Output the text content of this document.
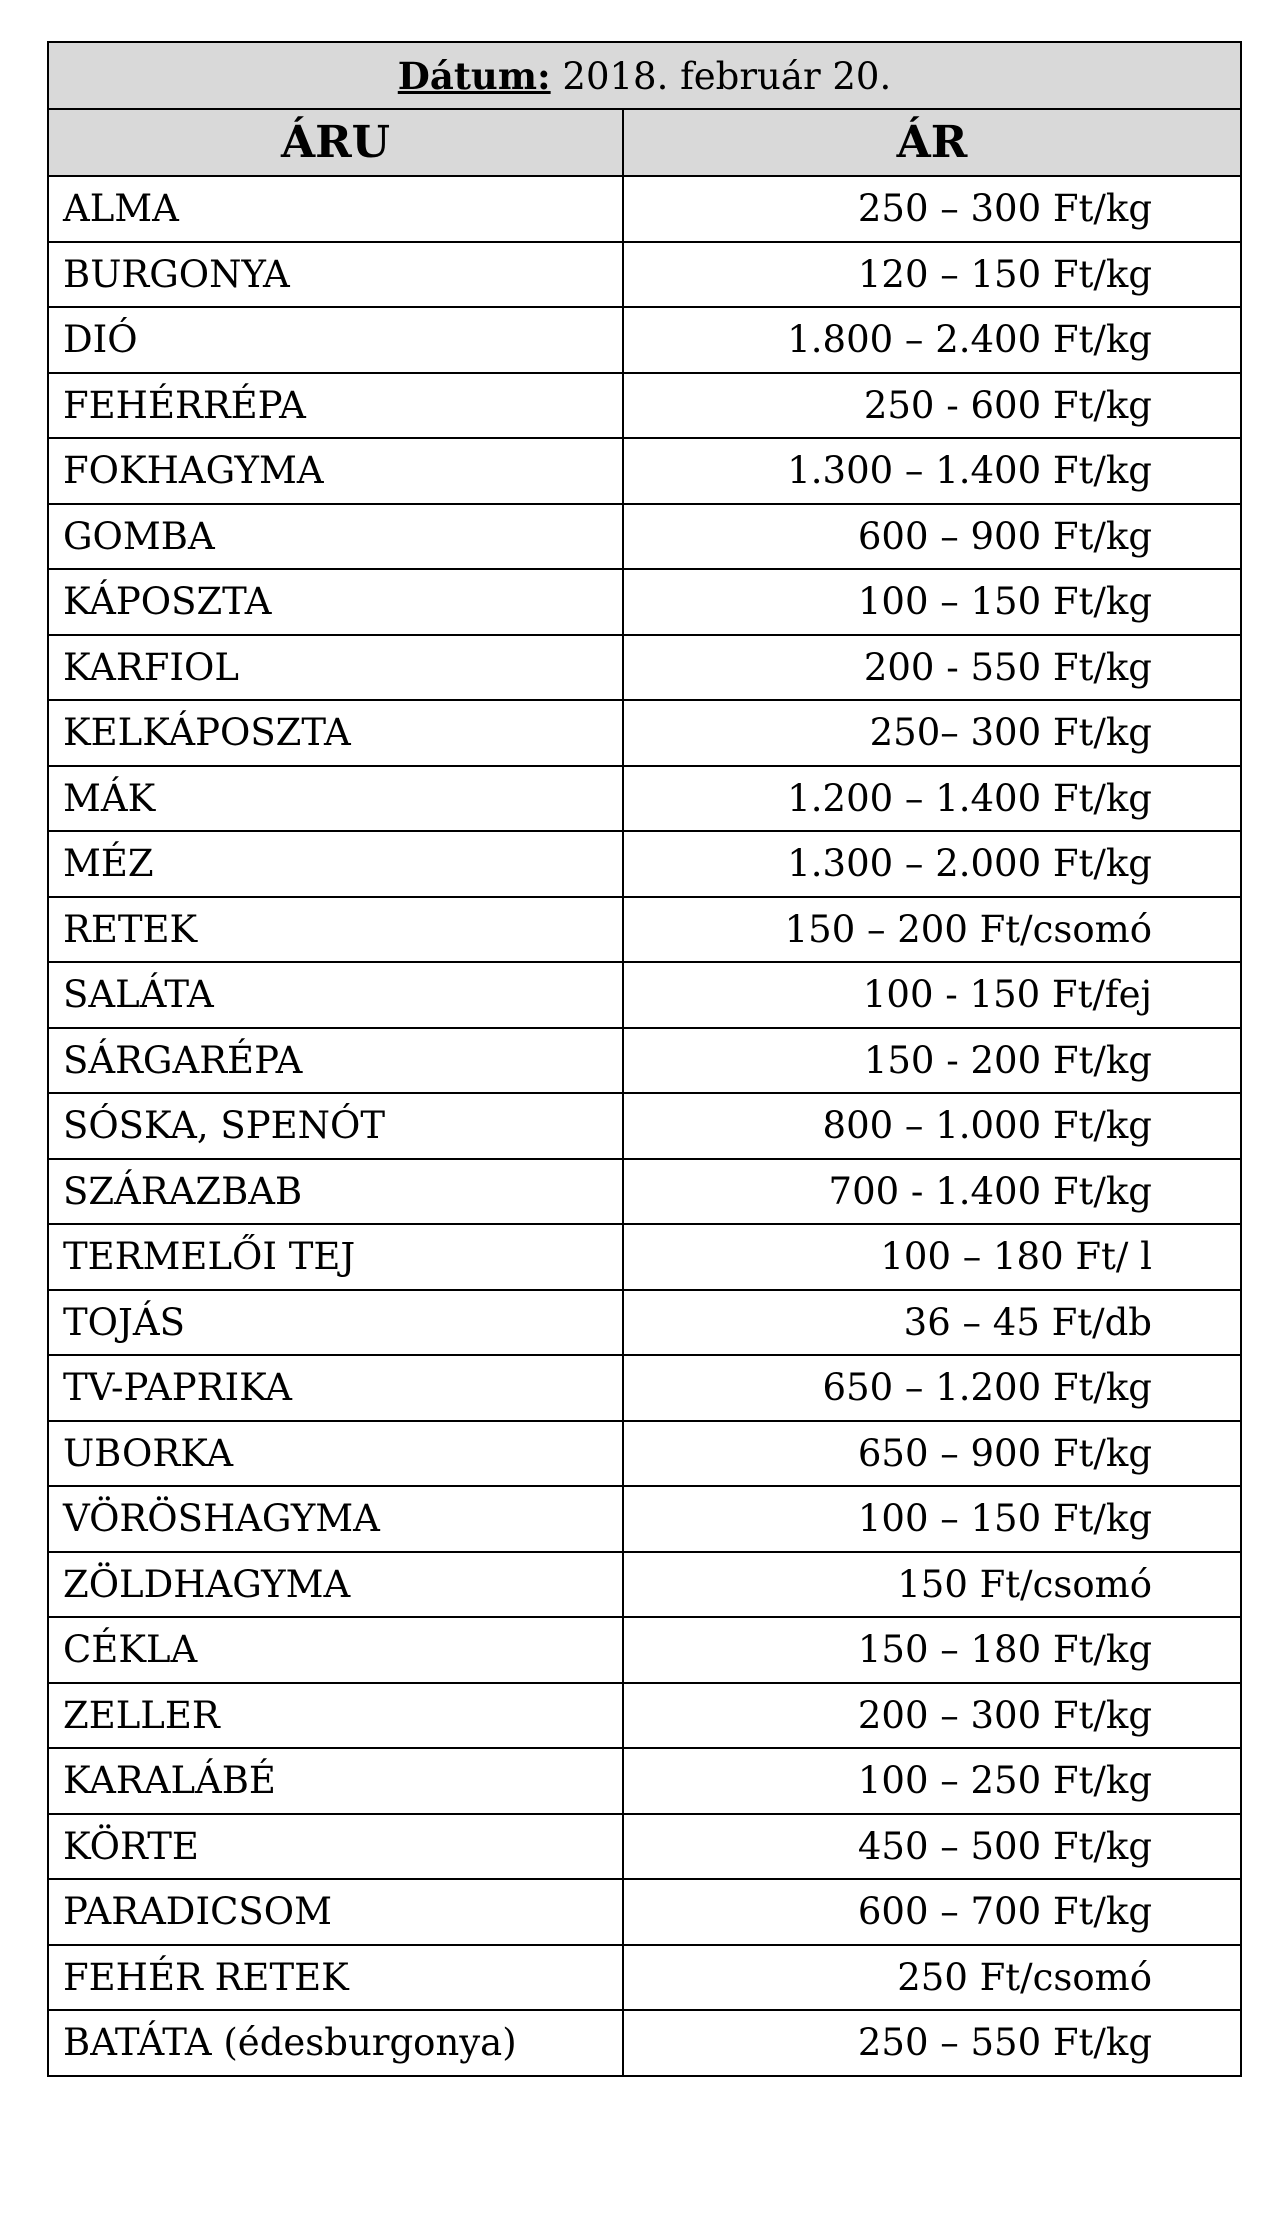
Dátum: 2018. február 20.	
ÁRU	ÁR
ALMA	250 – 300 Ft/kg
BURGONYA	120 – 150 Ft/kg
DIÓ	1.800 – 2.400 Ft/kg
FEHÉRRÉPA	250 - 600 Ft/kg
FOKHAGYMA	1.300 – 1.400 Ft/kg
GOMBA	600 – 900 Ft/kg
KÁPOSZTA	100 – 150 Ft/kg
KARFIOL	200 - 550 Ft/kg
KELKÁPOSZTA	250– 300 Ft/kg
MÁK	1.200 – 1.400 Ft/kg
MÉZ	1.300 – 2.000 Ft/kg
RETEK	150 – 200 Ft/csomó
SALÁTA	100 - 150 Ft/fej
SÁRGARÉPA	150 - 200 Ft/kg
SÓSKA, SPENÓT	800 – 1.000 Ft/kg
SZÁRAZBAB	700 - 1.400 Ft/kg
TERMELŐI TEJ	100 – 180 Ft/ l
TOJÁS	36 – 45 Ft/db
TV-PAPRIKA	650 – 1.200 Ft/kg
UBORKA	650 – 900 Ft/kg
VÖRÖSHAGYMA	100 – 150 Ft/kg
ZÖLDHAGYMA	150 Ft/csomó
CÉKLA	150 – 180 Ft/kg
ZELLER	200 – 300 Ft/kg
KARALÁBÉ	100 – 250 Ft/kg
KÖRTE	450 – 500 Ft/kg
PARADICSOM	600 – 700 Ft/kg
FEHÉR RETEK	250 Ft/csomó
BATÁTA (édesburgonya)	250 – 550 Ft/kg
